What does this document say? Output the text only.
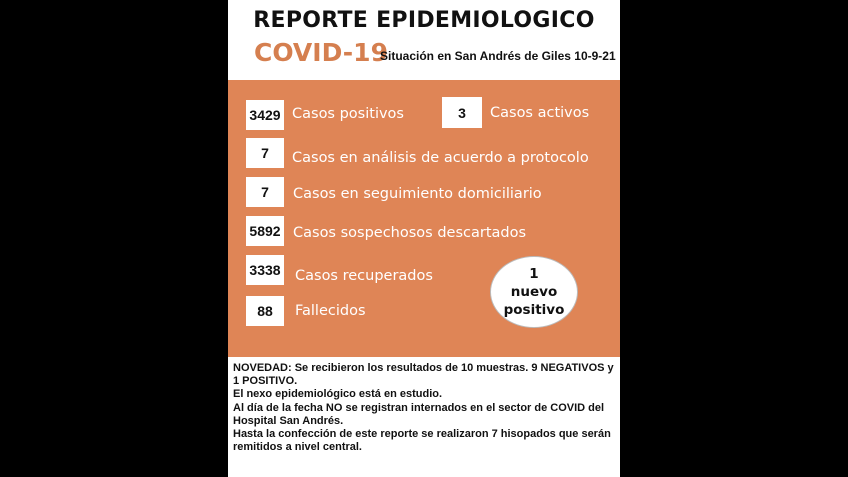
REPORTE EPIDEMIOLOGICO
COVID-19
Situación en San Andrés de Giles 10-9-21
3429 Casos positivos	3	Casos activos
7	Casos en análisis de acuerdo a protocolo
7	Casos en seguimiento domiciliario
5892 Casos sospechosos descartados
3338 Casos recuperados
88	Fallecidos
1
nuevo
positivo

NOVEDAD: Se recibieron los resultados de 10 muestras. 9 NEGATIVOS y 1 POSITIVO.

El nexo epidemiológico está en estudio.

Al día de la fecha NO se registran internados en el sector de COVID del Hospital San Andrés.

Hasta la confección de este reporte se realizaron 7 hisopados que serán remitidos a nivel central.
